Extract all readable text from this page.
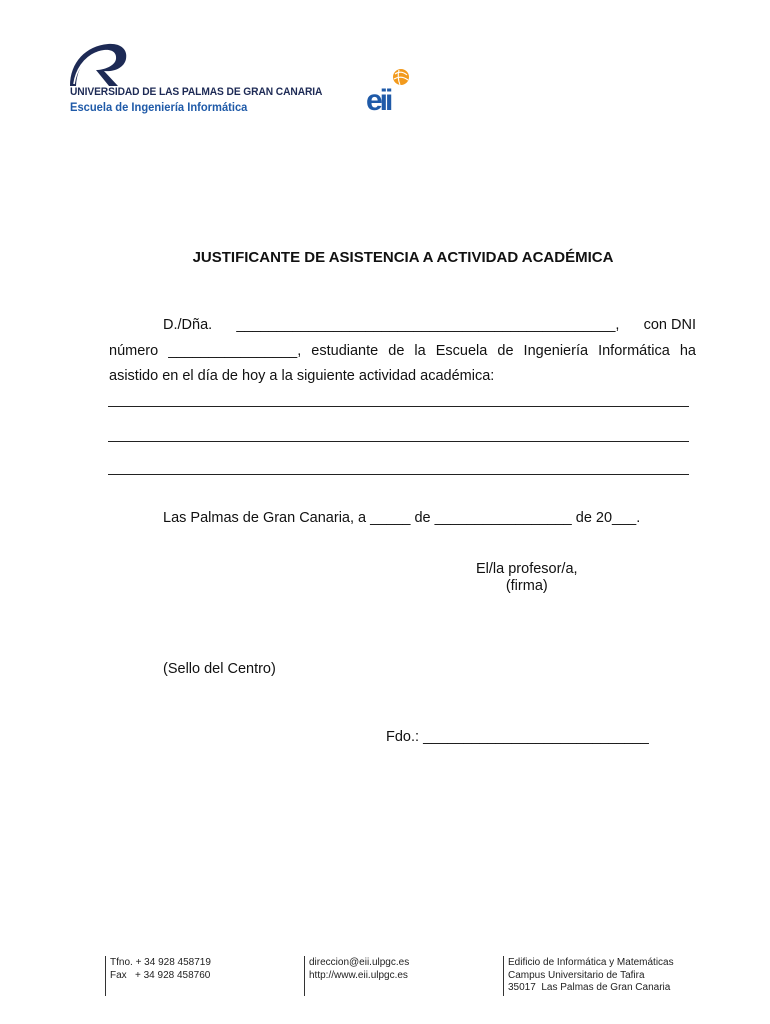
UNIVERSIDAD DE LAS PALMAS DE GRAN CANARIA
Escuela de Ingeniería Informática	eii
JUSTIFICANTE DE ASISTENCIA A ACTIVIDAD ACADÉMICA
D./Dña. _______________________________________________, con DNI
número ________________, estudiante de la Escuela de Ingeniería Informática ha
asistido en el día de hoy a la siguiente actividad académica:
Las Palmas de Gran Canaria, a _____ de _________________ de 20___.
El/la profesor/a,
(firma)
(Sello del Centro)
Fdo.: ____________________________
Tfno. + 34 928 458719
Fax   + 34 928 458760
direccion@eii.ulpgc.es
http://www.eii.ulpgc.es
Edificio de Informática y Matemáticas
Campus Universitario de Tafira
35017  Las Palmas de Gran Canaria
